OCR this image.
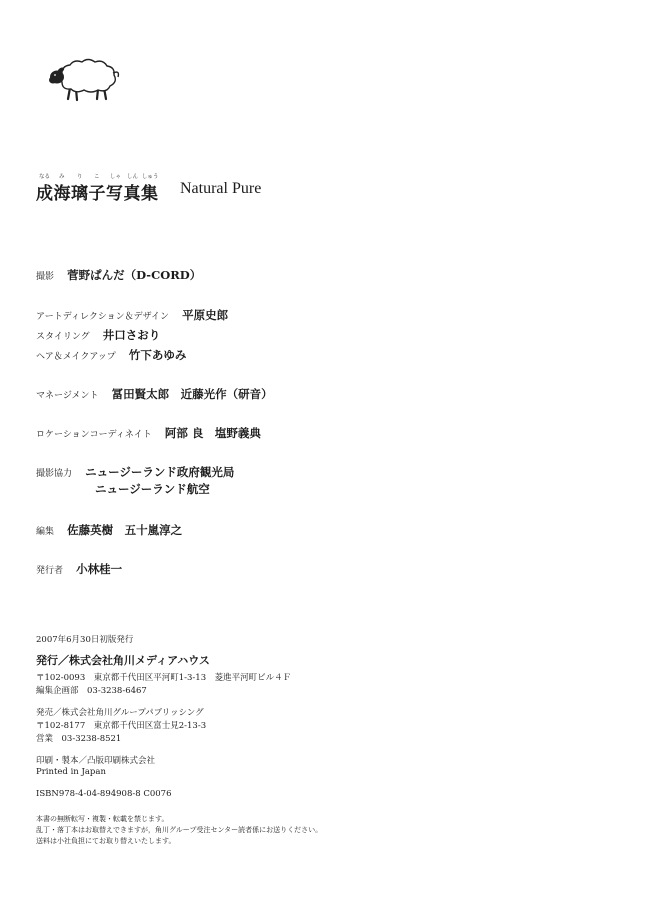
なる み り こ しゃ しん しゅう
成海璃子写真集 Natural Pure
撮影 菅野ぱんだ（D-CORD）
アートディレクション＆デザイン 平原史郎
スタイリング 井口さおり
ヘア＆メイクアップ 竹下あゆみ
マネージメント 冨田賢太郎　近藤光作（研音）
ロケーションコーディネイト 阿部 良　塩野義典
撮影協力 ニュージーランド政府観光局
ニュージーランド航空
編集 佐藤英樹　五十嵐淳之
発行者 小林桂一
2007年6月30日初版発行
発行／株式会社角川メディアハウス
〒102-0093　東京都千代田区平河町1-3-13　菱進平河町ビル４Ｆ
編集企画部　03-3238-6467
発売／株式会社角川グループパブリッシング
〒102-8177　東京都千代田区富士見2-13-3
営業　03-3238-8521
印刷・製本／凸版印刷株式会社
Printed in Japan
ISBN978-4-04-894908-8 C0076
本書の無断転写・複製・転載を禁じます。
乱丁・落丁本はお取替えできますが，角川グループ受注センター読者係にお送りください。
送料は小社負担にてお取り替えいたします。
